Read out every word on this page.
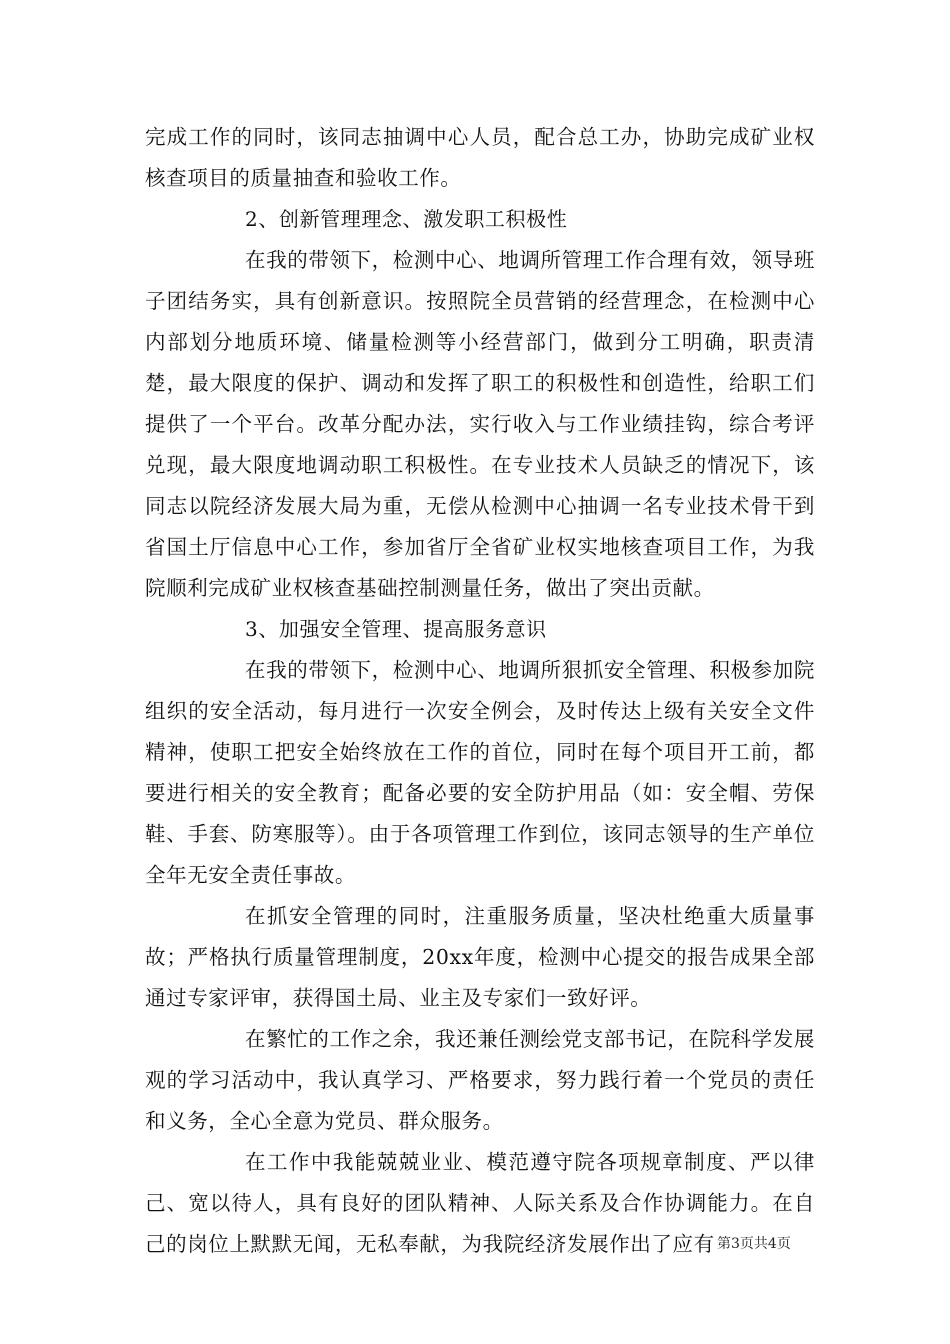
完成工作的同时，该同志抽调中心人员，配合总工办，协助完成矿业权核查项目的质量抽查和验收工作。

2、创新管理理念、激发职工积极性

在我的带领下，检测中心、地调所管理工作合理有效，领导班子团结务实，具有创新意识。按照院全员营销的经营理念，在检测中心内部划分地质环境、储量检测等小经营部门，做到分工明确，职责清楚，最大限度的保护、调动和发挥了职工的积极性和创造性，给职工们提供了一个平台。改革分配办法，实行收入与工作业绩挂钩，综合考评兑现，最大限度地调动职工积极性。在专业技术人员缺乏的情况下，该同志以院经济发展大局为重，无偿从检测中心抽调一名专业技术骨干到省国土厅信息中心工作，参加省厅全省矿业权实地核查项目工作，为我院顺利完成矿业权核查基础控制测量任务，做出了突出贡献。

3、加强安全管理、提高服务意识

在我的带领下，检测中心、地调所狠抓安全管理、积极参加院组织的安全活动，每月进行一次安全例会，及时传达上级有关安全文件精神，使职工把安全始终放在工作的首位，同时在每个项目开工前，都要进行相关的安全教育；配备必要的安全防护用品（如：安全帽、劳保鞋、手套、防寒服等）。由于各项管理工作到位，该同志领导的生产单位全年无安全责任事故。

在抓安全管理的同时，注重服务质量，坚决杜绝重大质量事故；严格执行质量管理制度，20xx年度，检测中心提交的报告成果全部通过专家评审，获得国土局、业主及专家们一致好评。

在繁忙的工作之余，我还兼任测绘党支部书记，在院科学发展观的学习活动中，我认真学习、严格要求，努力践行着一个党员的责任和义务，全心全意为党员、群众服务。

在工作中我能兢兢业业、模范遵守院各项规章制度、严以律己、宽以待人，具有良好的团队精神、人际关系及合作协调能力。在自己的岗位上默默无闻，无私奉献，为我院经济发展作出了应有 第3页共4页
